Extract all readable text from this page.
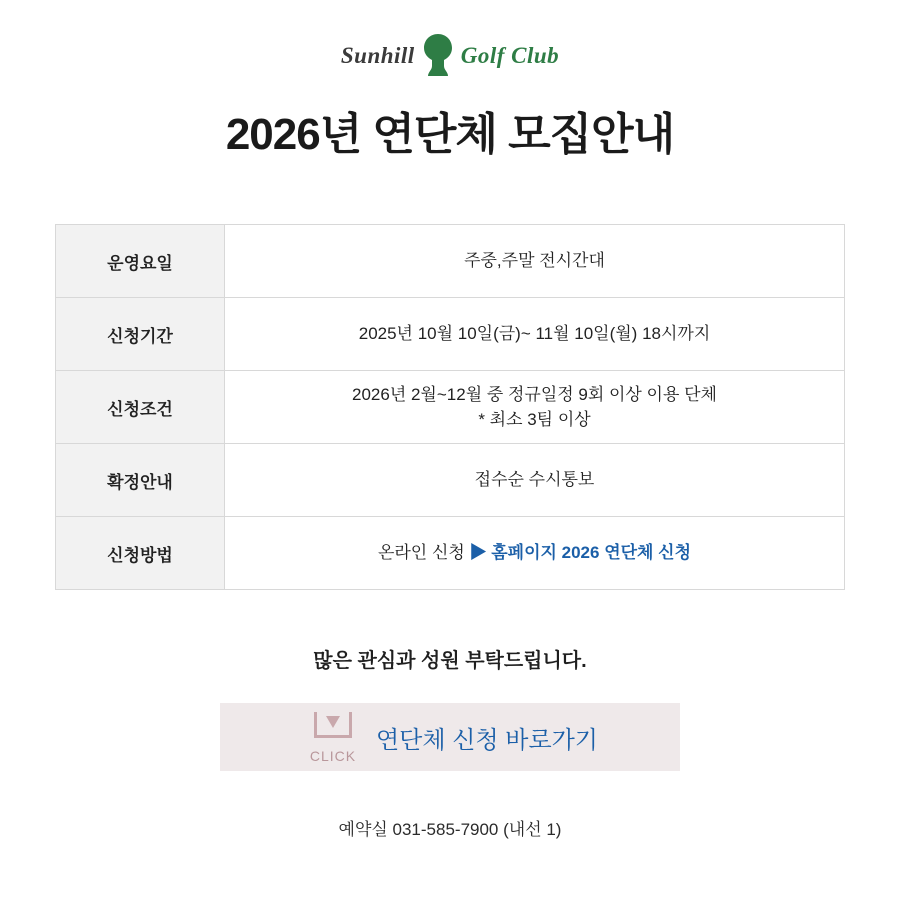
Sunhill Golf Club
2026년 연단체 모집안내
운영요일	주중,주말 전시간대
신청기간	2025년 10월 10일(금)~ 11월 10일(월) 18시까지
신청조건	2026년 2월~12월 중 정규일정 9회 이상 이용 단체
* 최소 3팀 이상

확정안내	접수순 수시통보
신청방법	온라인 신청 ▶ 홈페이지 2026 연단체 신청
많은 관심과 성원 부탁드립니다.
CLICK
연단체 신청 바로가기
예약실 031-585-7900 (내선 1)
